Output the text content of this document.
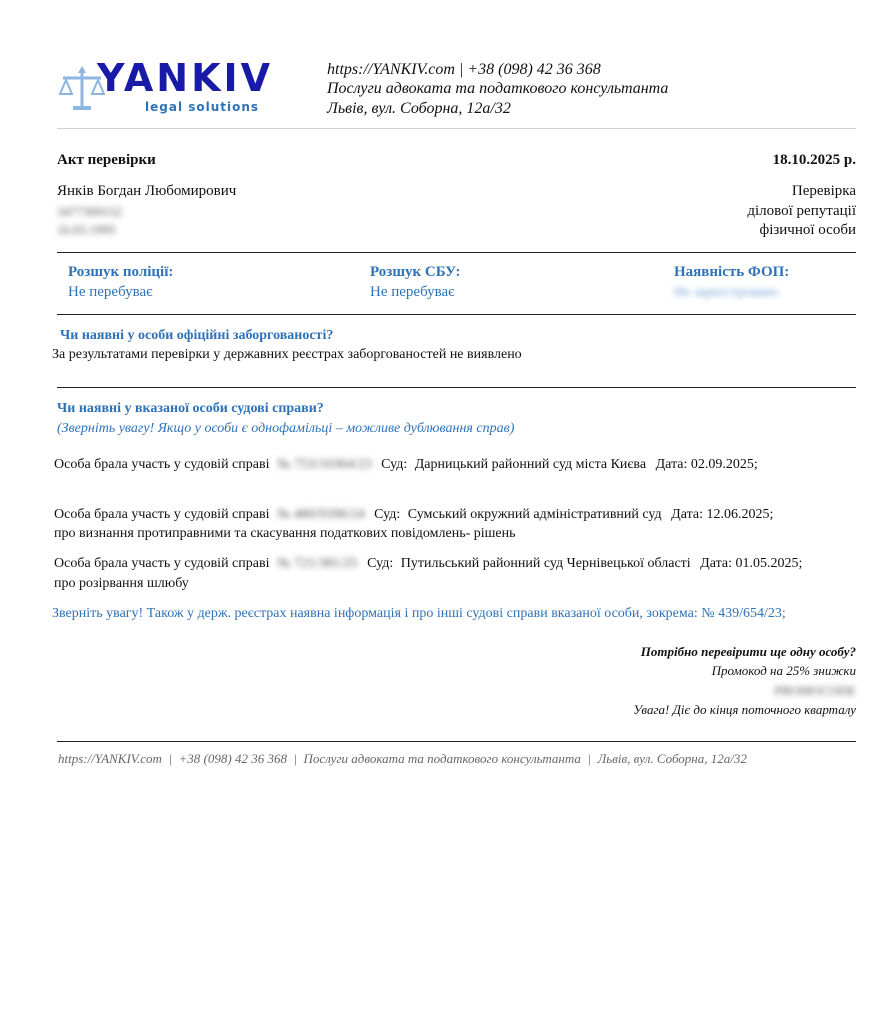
YANKIV
legal solutions
https://YANKIV.com | +38 (098) 42 36 368
Послуги адвоката та податкового консультанта
Львів, вул. Соборна, 12а/32
Акт перевірки	18.10.2025 р.
Янків Богдан Любомирович
3477309152
16.03.1995
Перевірка
ділової репутації
фізичної особи
Розшук поліції:
Не перебуває
Розшук СБУ:
Не перебуває
Наявність ФОП:
Не зареєстровано
Чи наявні у особи офіційні заборгованості?
За результатами перевірки у державних реєстрах заборгованостей не виявлено
Чи наявні у вказаної особи судові справи?
(Зверніть увагу! Якщо у особи є однофамільці – можливе дублювання справ)
Особа брала участь у судовій справі № 753/10364/23 Суд: Дарницький районний суд міста Києва Дата: 02.09.2025;
Особа брала участь у судовій справі № 480/9396/24 Суд: Сумський окружний адміністративний суд Дата: 12.06.2025;
про визнання протиправними та скасування податкових повідомлень- рішень
Особа брала участь у судовій справі № 721/381/25 Суд: Путильський районний суд Чернівецької області Дата: 01.05.2025;
про розірвання шлюбу
Зверніть увагу! Також у держ. реєстрах наявна інформація і про інші судові справи вказаної особи, зокрема: № 439/654/23;
Потрібно перевірити ще одну особу?
Промокод на 25% знижки
PROMOCODE
Увага! Діє до кінця поточного кварталу
https://YANKIV.com  |  +38 (098) 42 36 368  |  Послуги адвоката та податкового консультанта  |  Львів, вул. Соборна, 12а/32
